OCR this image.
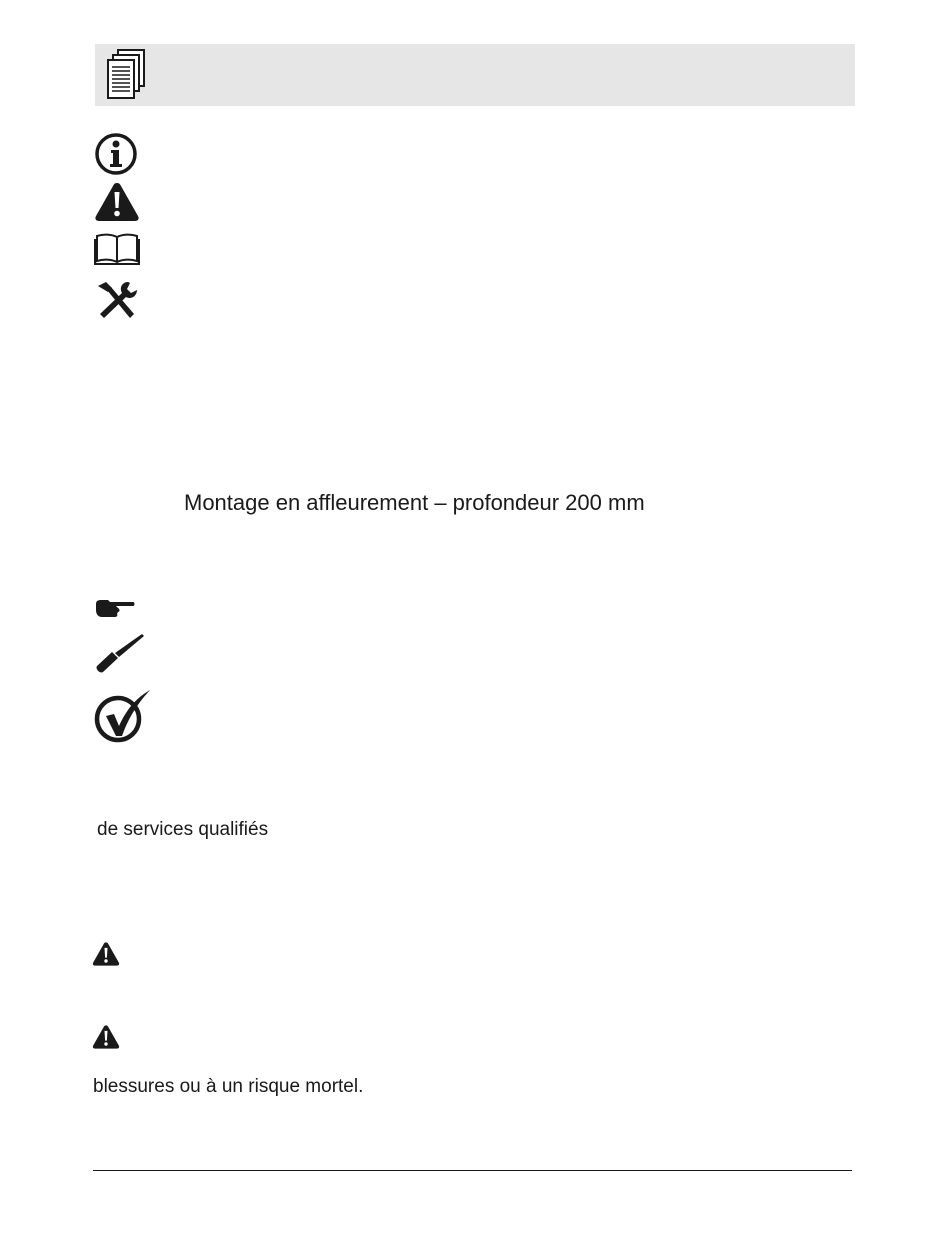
Montage en affleurement – profondeur 200 mm
de services qualifiés
blessures ou à un risque mortel.
